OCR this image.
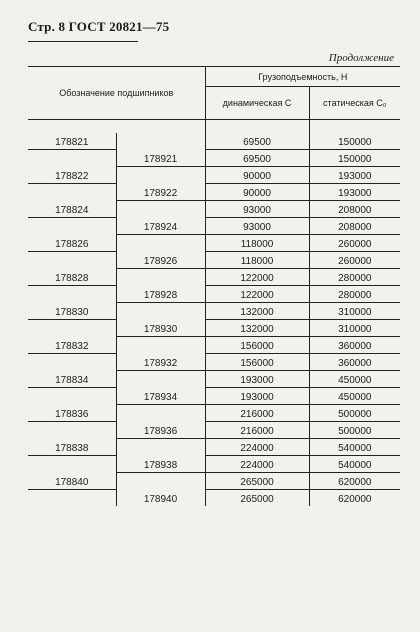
Стр. 8 ГОСТ 20821—75
Продолжение
Обозначение подшипников		Грузоподъемность, Н	
		динамическая C	статическая C₀

178821		69500	150000
	178921	69500	150000
178822		90000	193000
	178922	90000	193000
178824		93000	208000
	178924	93000	208000
178826		118000	260000
	178926	118000	260000
178828		122000	280000
	178928	122000	280000
178830		132000	310000
	178930	132000	310000
178832		156000	360000
	178932	156000	360000
178834		193000	450000
	178934	193000	450000
178836		216000	500000
	178936	216000	500000
178838		224000	540000
	178938	224000	540000
178840		265000	620000
	178940	265000	620000
